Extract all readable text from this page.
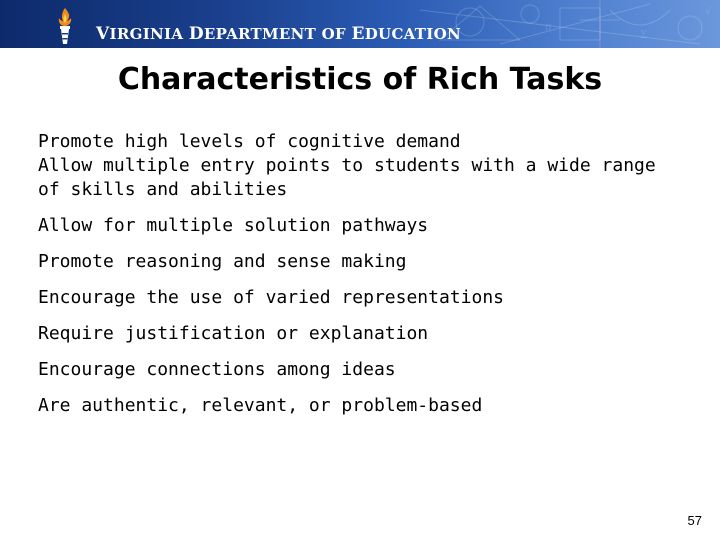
π
Σ
√
VIRGINIA DEPARTMENT OF EDUCATION
Characteristics of Rich Tasks
Promote high levels of cognitive demand
Allow multiple entry points to students with a wide range of skills and abilities
Allow for multiple solution pathways
Promote reasoning and sense making
Encourage the use of varied representations
Require justification or explanation
Encourage connections among ideas
Are authentic, relevant, or problem-based
57
